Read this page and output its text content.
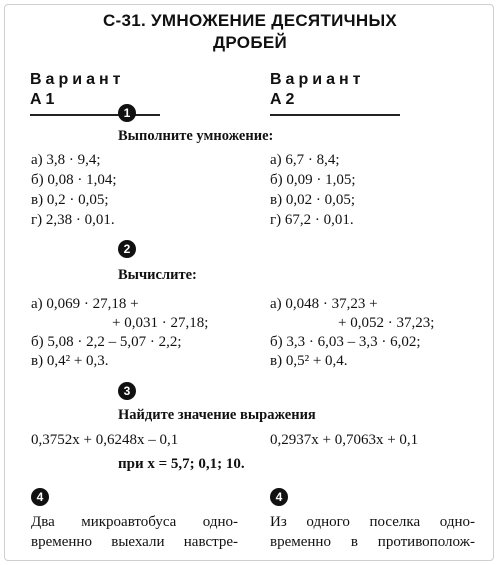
С-31. УМНОЖЕНИЕ ДЕСЯТИЧНЫХ
ДРОБЕЙ
Вариант А1
Вариант А2
1
Выполните умножение:
а) 3,8 · 9,4;
б) 0,08 · 1,04;
в) 0,2 · 0,05;
г) 2,38 · 0,01.
а) 6,7 · 8,4;
б) 0,09 · 1,05;
в) 0,02 · 0,05;
г) 67,2 · 0,01.
2
Вычислите:
а) 0,069 · 27,18 +
+ 0,031 · 27,18;
б) 5,08 · 2,2 – 5,07 · 2,2;
в) 0,4² + 0,3.
а) 0,048 · 37,23 +
+ 0,052 · 37,23;
б) 3,3 · 6,03 – 3,3 · 6,02;
в) 0,5² + 0,4.
3
Найдите значение выражения
0,3752x + 0,6248x – 0,1	0,2937x + 0,7063x + 0,1
при x = 5,7; 0,1; 10.
4	4
Два микроавтобуса одно-
временно выехали навстре-
Из одного поселка одно-
временно в противополож-
